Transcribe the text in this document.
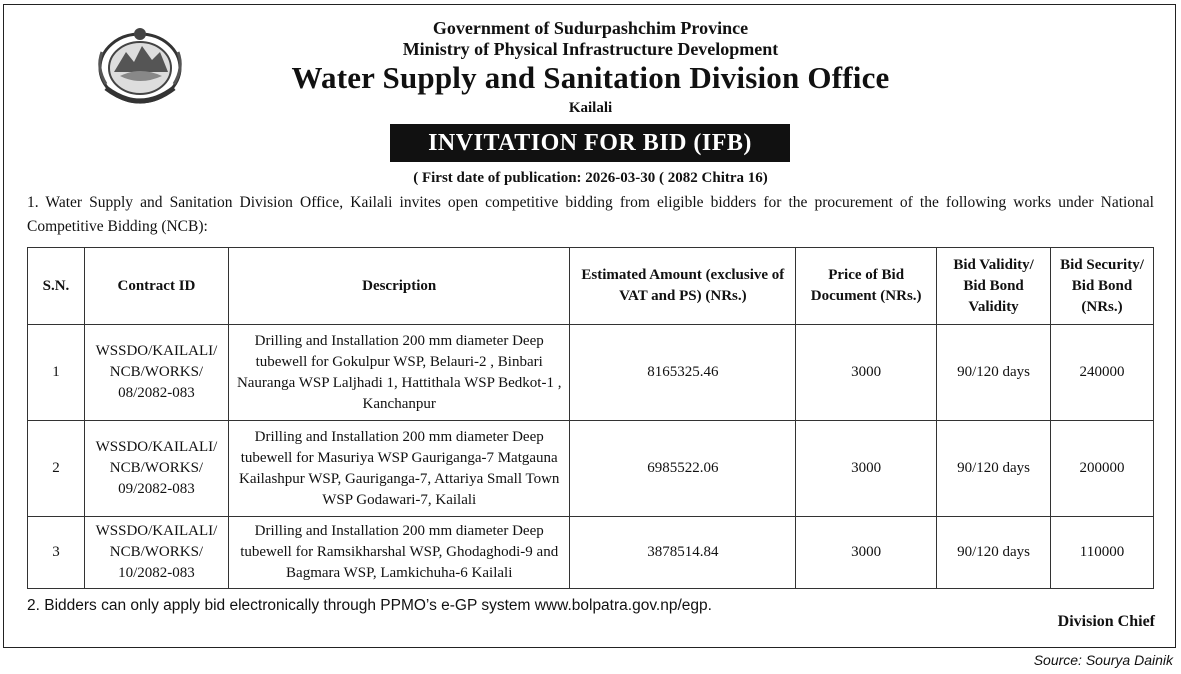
Government of Sudurpashchim Province
Ministry of Physical Infrastructure Development
Water Supply and Sanitation Division Office
Kailali
INVITATION FOR BID (IFB)
( First date of publication: 2026-03-30 ( 2082 Chitra 16)
1. Water Supply and Sanitation Division Office, Kailali invites open competitive bidding from eligible bidders for the procurement of the following works under National Competitive Bidding (NCB):
S.N.	Contract ID	Description	Estimated Amount (exclusive of VAT and PS) (NRs.)	Price of Bid Document (NRs.)	Bid Validity/ Bid Bond Validity	Bid Security/ Bid Bond (NRs.)
1	WSSDO/KAILALI/ NCB/WORKS/ 08/2082-083	Drilling and Installation 200 mm diameter Deep tubewell for Gokulpur WSP, Belauri-2 , Binbari Nauranga WSP Laljhadi 1, Hattithala WSP Bedkot-1 , Kanchanpur	8165325.46	3000	90/120 days	240000
2	WSSDO/KAILALI/ NCB/WORKS/ 09/2082-083	Drilling and Installation 200 mm diameter Deep tubewell for Masuriya WSP Gauriganga-7 Matgauna Kailashpur WSP, Gauriganga-7, Attariya Small Town WSP Godawari-7, Kailali	6985522.06	3000	90/120 days	200000
3	WSSDO/KAILALI/ NCB/WORKS/ 10/2082-083	Drilling and Installation 200 mm diameter Deep tubewell for Ramsikharshal WSP, Ghodaghodi-9 and Bagmara WSP, Lamkichuha-6 Kailali	3878514.84	3000	90/120 days	110000
2. Bidders can only apply bid electronically through PPMO’s e-GP system www.bolpatra.gov.np/egp.
Division Chief
Source: Sourya Dainik
